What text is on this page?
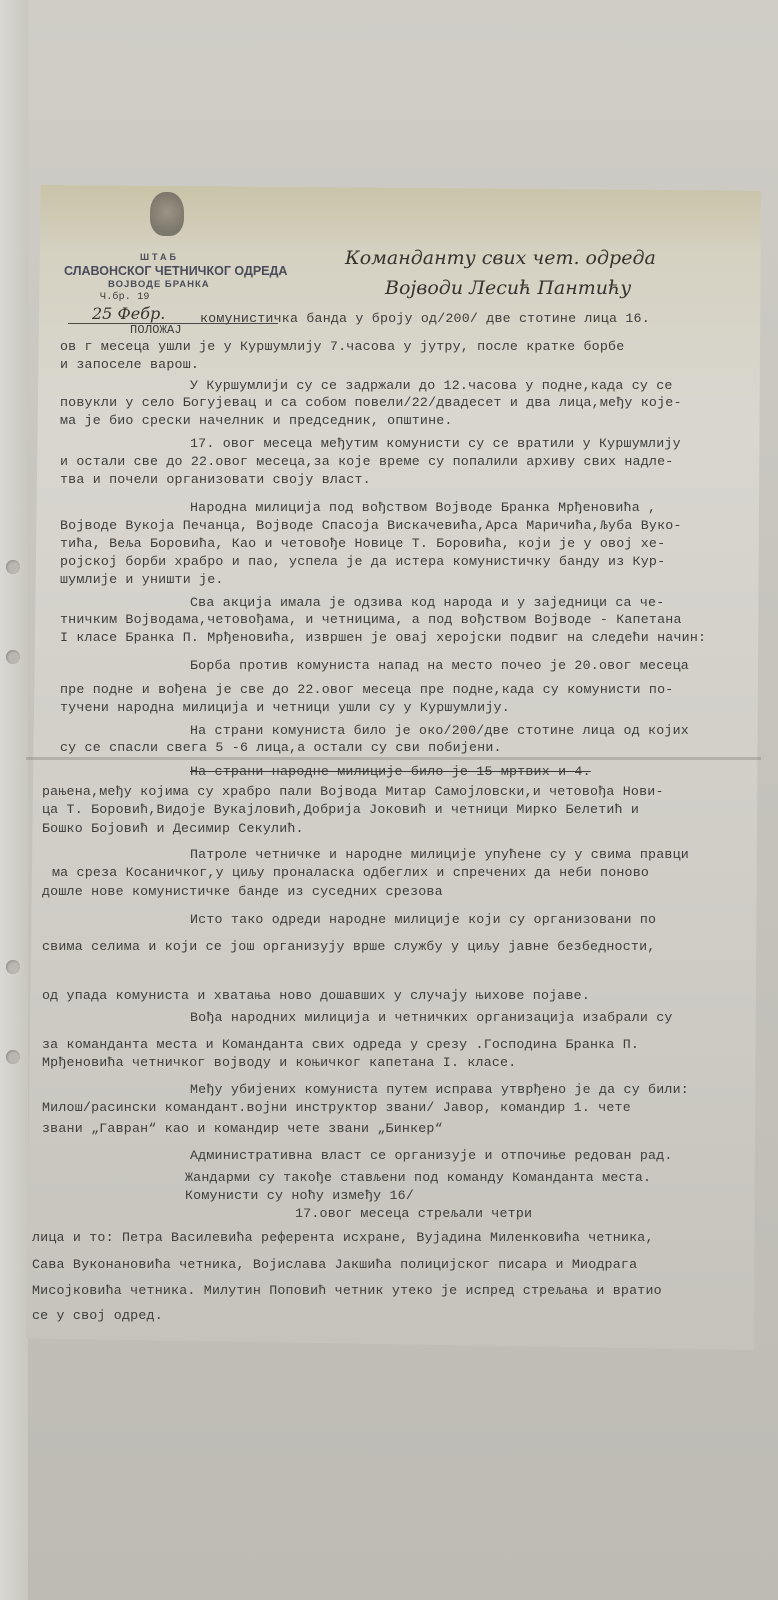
ШТАБ
СЛАВОНСКОГ ЧЕТНИЧКОГ ОДРЕДА
ВОЈВОДЕ БРАНКА
Ч.бр. 19
25 Фебр.
ПОЛОЖАЈ
Команданту свих чет. одреда
Војводи Лесић Пантићу
комунистичка банда у броју од/200/ две стотине лица 16.
ов г месеца ушли је у Куршумлију 7.часова у јутру, после кратке борбе
и запоселе варош.
У Куршумлији су се задржали до 12.часова у подне,када су се
повукли у село Богујевац и са собом повели/22/двадесет и два лица,међу које-
ма је био срески начелник и председник, општине.
17. овог месеца међутим комунисти су се вратили у Куршумлију
и остали све до 22.овог месеца,за које време су попалили архиву свих надле-
тва и почели организовати своју власт.
Народна милиција под вођством Војводе Бранка Мрђеновића ,
Војводе Вукоја Печанца, Војводе Спасоја Вискачевића,Арса Маричића,Љуба Вуко-
тића, Веља Боровића, Као и четовође Новице Т. Боровића, који је у овој хе-
ројској борби храбро и пао, успела је да истера комунистичку банду из Кур-
шумлије и уништи је.
Сва акција имала је одзива код народа и у заједници са че-
тничким Војводама,четовођама, и четницима, а под вођством Војводе - Капетана
I класе Бранка П. Мрђеновића, извршен је овај херојски подвиг на следећи начин:
Борба против комуниста напад на место почео је 20.овог месеца
пре подне и вођена је све до 22.овог месеца пре подне,када су комунисти по-
тучени народна милиција и четници ушли су у Куршумлију.
На страни комуниста било је око/200/две стотине лица од којих
су се спасли свега 5 -6 лица,а остали су сви побијени.
На страни народне милиције било је 15 мртвих и 4.
рањена,међу којима су храбро пали Војвода Митар Самојловски,и четовођа Нови-
ца Т. Боровић,Видоје Вукајловић,Добрија Јоковић и четници Мирко Белетић и
Бошко Бојовић и Десимир Секулић.
Патроле четничке и народне милиције упућене су у свима правци
ма среза Косаничког,у циљу проналаска одбеглих и спречених да неби поново
дошле нове комунистичке банде из суседних срезова
Исто тако одреди народне милиције који су организовани по
свима селима и који се још организују врше службу у циљу јавне безбедности,
од упада комуниста и хватања ново дошавших у случају њихове појаве.
Вођа народних милиција и четничких организација изабрали су
за команданта места и Команданта свих одреда у срезу .Господина Бранка П.
Мрђеновића четничког војводу и коњичког капетана I. класе.
Међу убијених комуниста путем исправа утврђено је да су били:
Милош/расински командант.војни инструктор звани/ Јавор, командир 1. чете
звани „Гавран“ као и командир чете звани „Бинкер“
Административна власт се организује и отпочиње редован рад.
Жандарми су такође стављени под команду Команданта места.
Комунисти су ноћу између 16/
17.овог месеца стрељали четри
лица и то: Петра Василевића референта исхране, Вујадина Миленковића четника,
Сава Вуконановића четника, Војислава Јакшића полицијског писара и Миодрага
Мисојковића четника. Милутин Поповић четник утеко је испред стрељања и вратио
се у свој одред.
